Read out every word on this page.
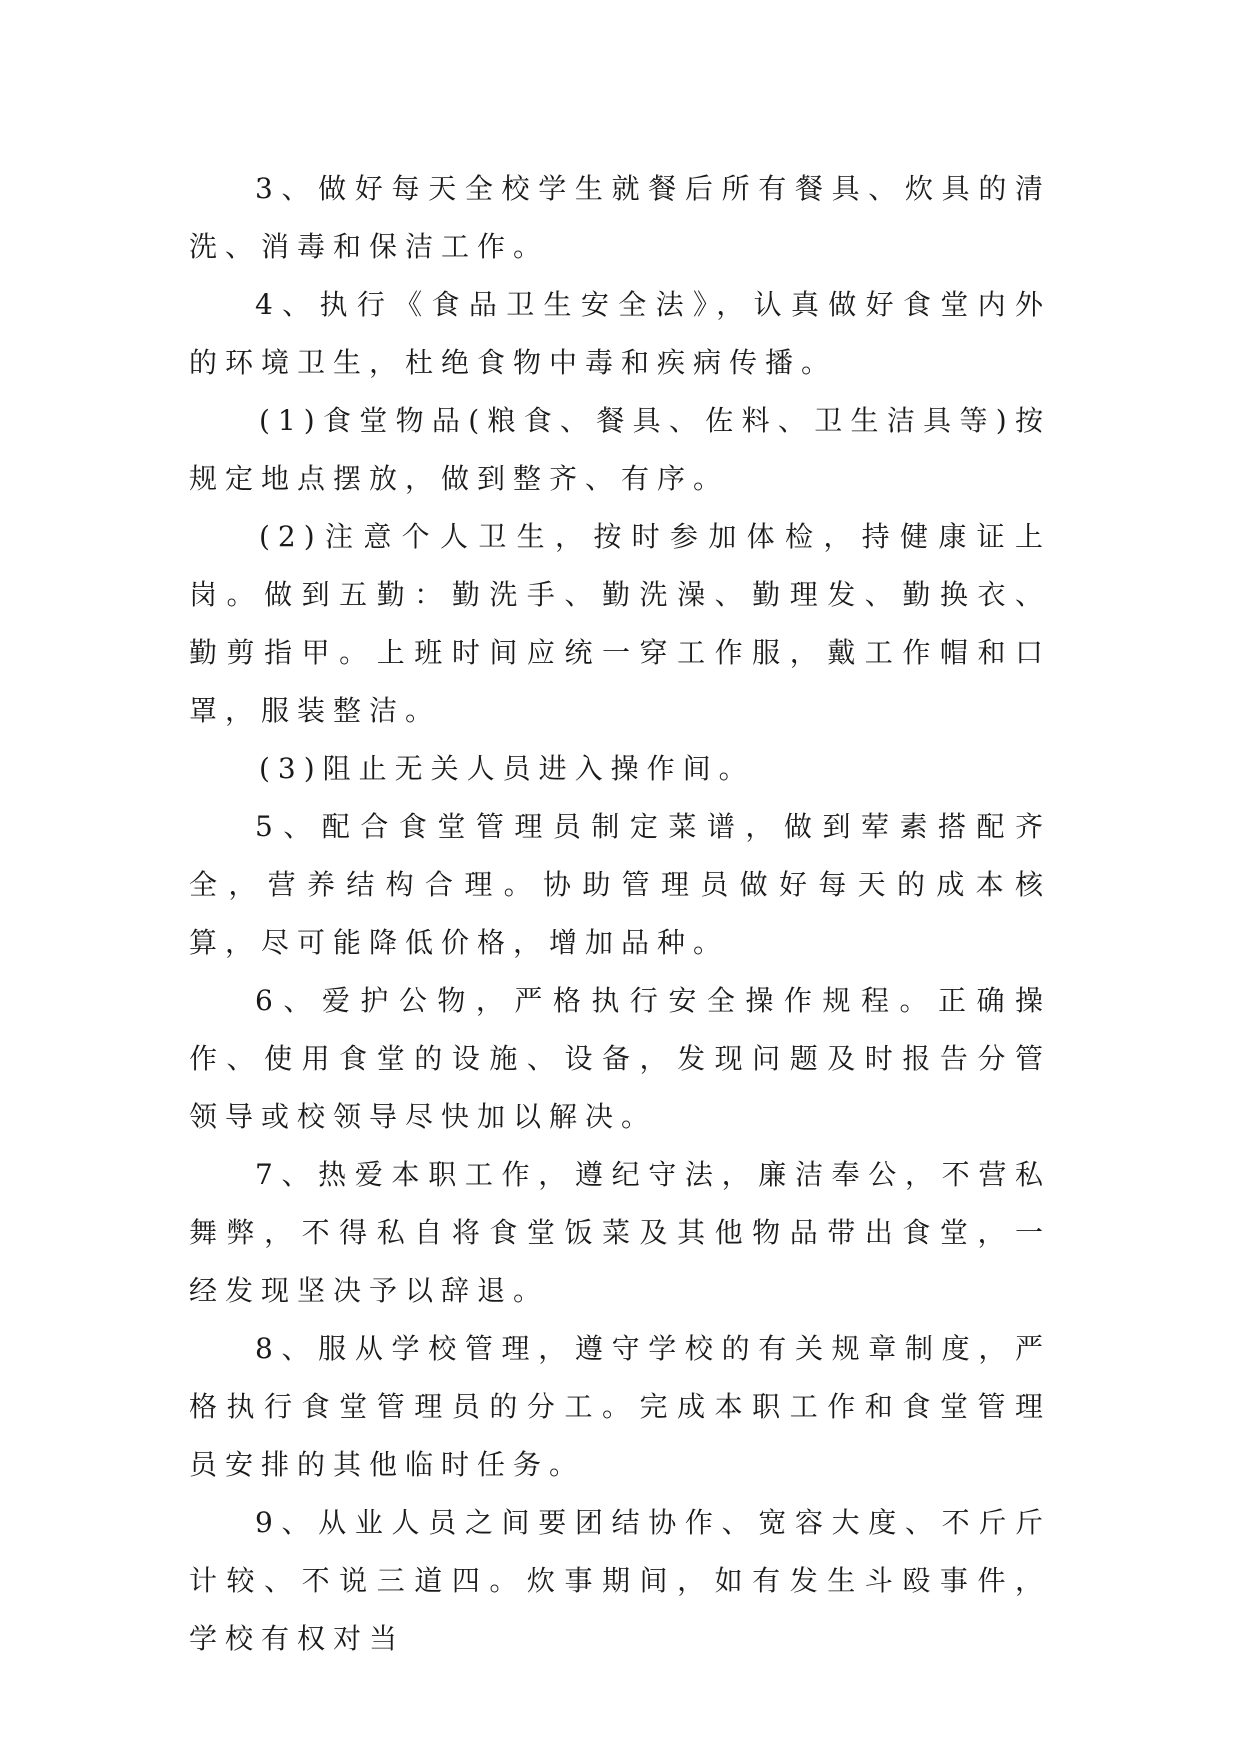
3、做好每天全校学生就餐后所有餐具、炊具的清洗、消毒和保洁工作。

4、执行《食品卫生安全法》，认真做好食堂内外的环境卫生，杜绝食物中毒和疾病传播。

(1)食堂物品(粮食、餐具、佐料、卫生洁具等)按规定地点摆放，做到整齐、有序。

(2)注意个人卫生，按时参加体检，持健康证上岗。做到五勤：勤洗手、勤洗澡、勤理发、勤换衣、勤剪指甲。上班时间应统一穿工作服，戴工作帽和口罩，服装整洁。

(3)阻止无关人员进入操作间。

5、配合食堂管理员制定菜谱，做到荤素搭配齐全，营养结构合理。协助管理员做好每天的成本核算，尽可能降低价格，增加品种。

6、爱护公物，严格执行安全操作规程。正确操作、使用食堂的设施、设备，发现问题及时报告分管领导或校领导尽快加以解决。

7、热爱本职工作，遵纪守法，廉洁奉公，不营私舞弊，不得私自将食堂饭菜及其他物品带出食堂，一经发现坚决予以辞退。

8、服从学校管理，遵守学校的有关规章制度，严格执行食堂管理员的分工。完成本职工作和食堂管理员安排的其他临时任务。

9、从业人员之间要团结协作、宽容大度、不斤斤计较、不说三道四。炊事期间，如有发生斗殴事件，学校有权对当
